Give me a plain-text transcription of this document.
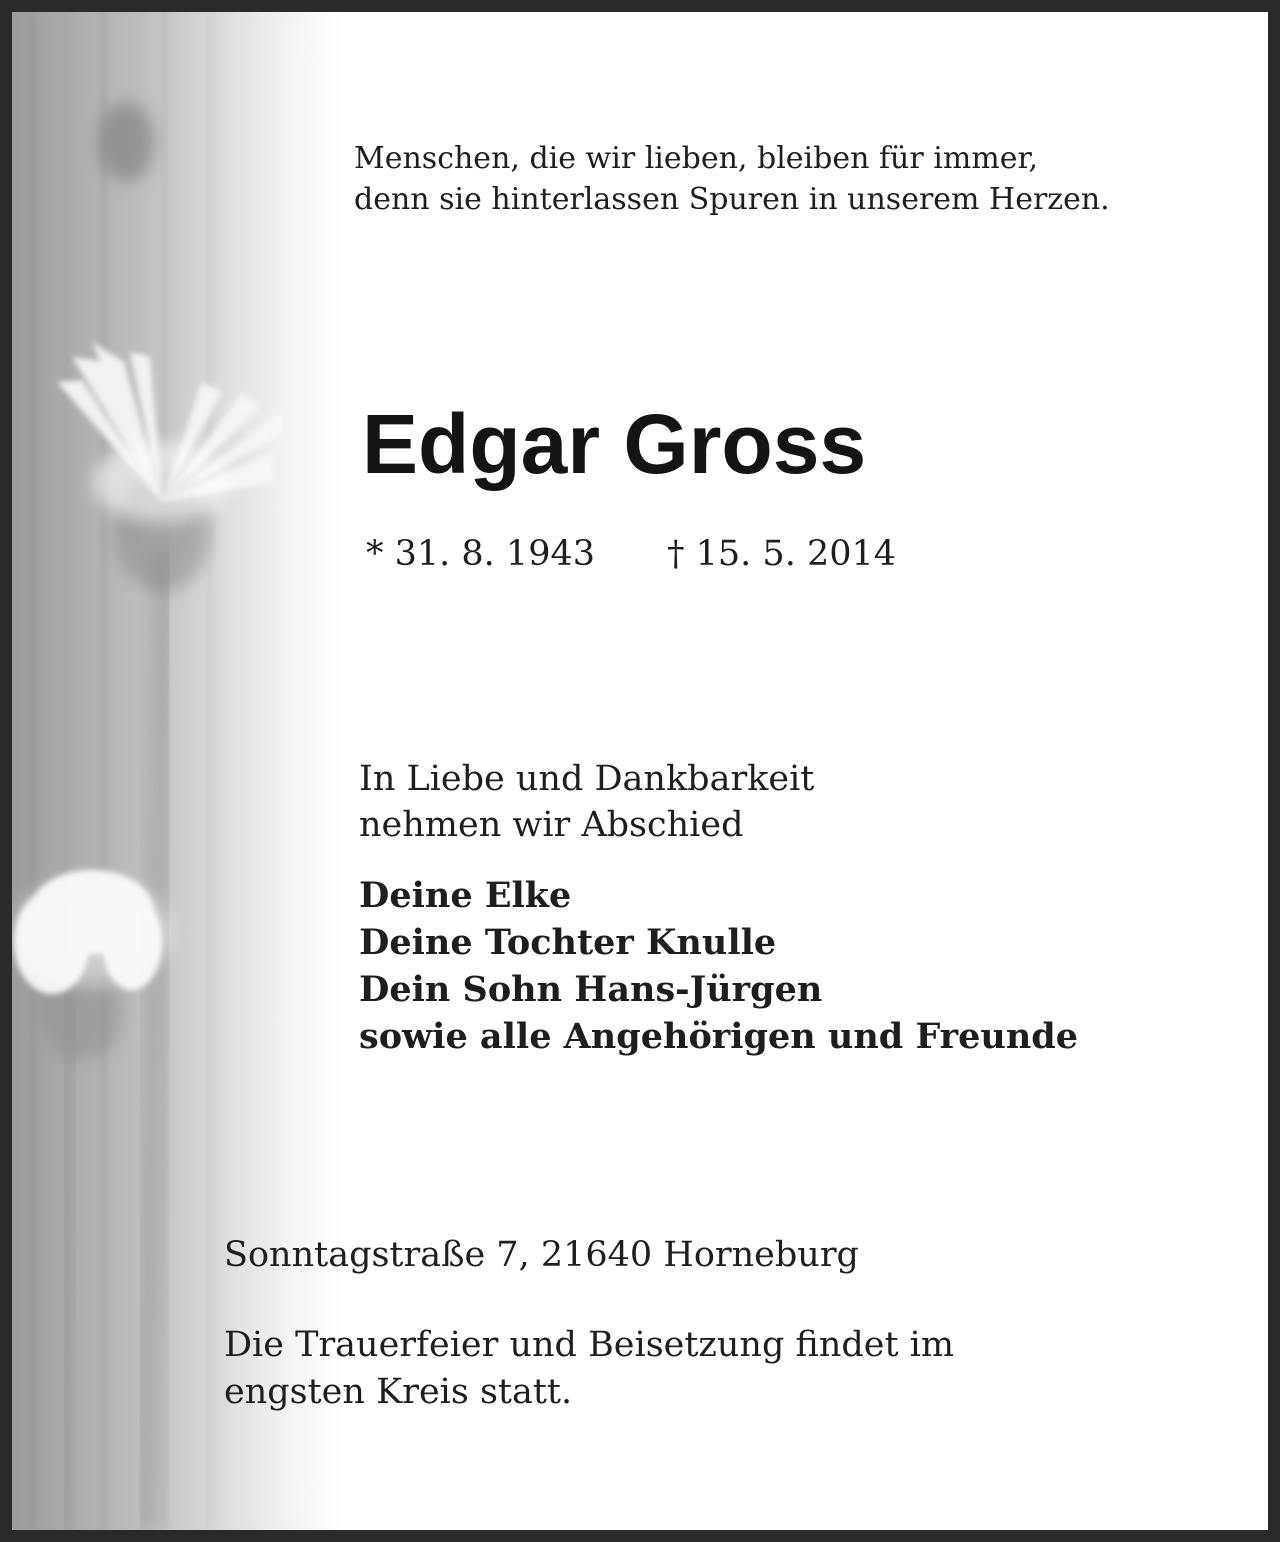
Menschen, die wir lieben, bleiben für immer,
denn sie hinterlassen Spuren in unserem Herzen.
Edgar Gross
* 31. 8. 1943 † 15. 5. 2014
In Liebe und Dankbarkeit
nehmen wir Abschied
Deine Elke
Deine Tochter Knulle
Dein Sohn Hans-Jürgen
sowie alle Angehörigen und Freunde
Sonntagstraße 7, 21640 Horneburg
Die Trauerfeier und Beisetzung findet im
engsten Kreis statt.
